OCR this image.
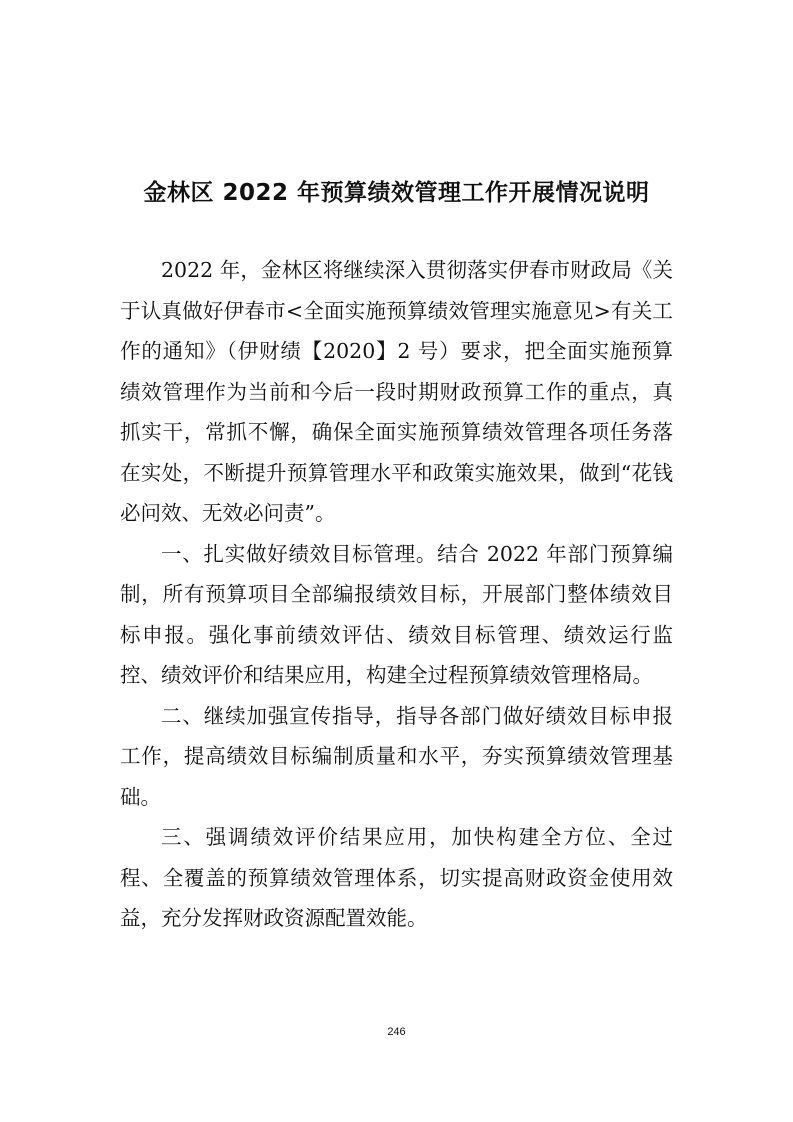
金林区 2022 年预算绩效管理工作开展情况说明

2022 年，金林区将继续深入贯彻落实伊春市财政局《关于认真做好伊春市<全面实施预算绩效管理实施意见>有关工作的通知》（伊财绩【2020】2 号）要求，把全面实施预算绩效管理作为当前和今后一段时期财政预算工作的重点，真抓实干，常抓不懈，确保全面实施预算绩效管理各项任务落在实处，不断提升预算管理水平和政策实施效果，做到“花钱必问效、无效必问责”。

一、扎实做好绩效目标管理。结合 2022 年部门预算编制，所有预算项目全部编报绩效目标，开展部门整体绩效目标申报。强化事前绩效评估、绩效目标管理、绩效运行监控、绩效评价和结果应用，构建全过程预算绩效管理格局。

二、继续加强宣传指导，指导各部门做好绩效目标申报工作，提高绩效目标编制质量和水平，夯实预算绩效管理基础。

三、强调绩效评价结果应用，加快构建全方位、全过程、全覆盖的预算绩效管理体系，切实提高财政资金使用效益，充分发挥财政资源配置效能。

246
